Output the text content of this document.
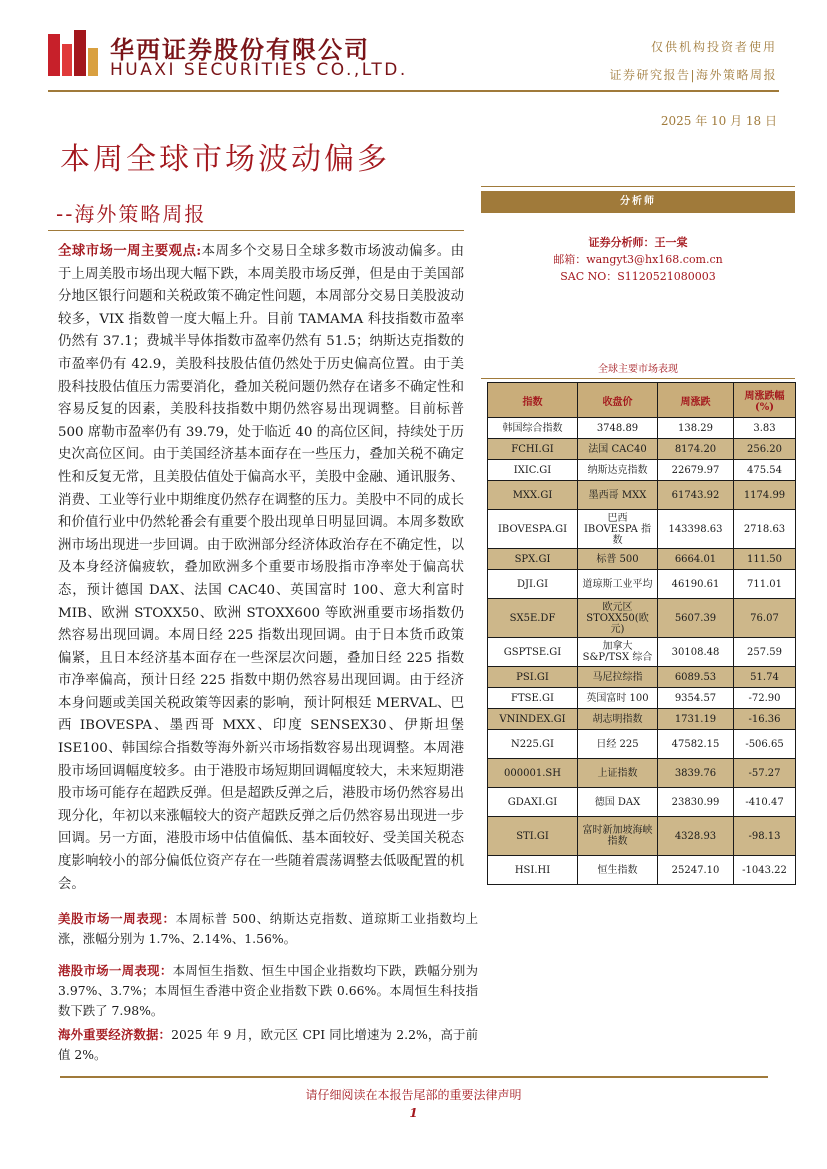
华西证券股份有限公司
HUAXI SECURITIES CO.,LTD.
仅供机构投资者使用
证券研究报告|海外策略周报
2025 年 10 月 18 日
本周全球市场波动偏多
--海外策略周报
分析师
证券分析师：王一棠
邮箱：wangyt3@hx168.com.cn
SAC NO：S1120521080003
全球主要市场表现
指数	收盘价	周涨跌	周涨跌幅(%)
韩国综合指数	3748.89	138.29	3.83
FCHI.GI	法国 CAC40	8174.20	256.20
IXIC.GI	纳斯达克指数	22679.97	475.54
MXX.GI	墨西哥 MXX	61743.92	1174.99
IBOVESPA.GI	巴西 IBOVESPA 指数	143398.63	2718.63
SPX.GI	标普 500	6664.01	111.50
DJI.GI	道琼斯工业平均	46190.61	711.01
SX5E.DF	欧元区 STOXX50(欧元)	5607.39	76.07
GSPTSE.GI	加拿大 S&P/TSX 综合	30108.48	257.59
PSI.GI	马尼拉综指	6089.53	51.74
FTSE.GI	英国富时 100	9354.57	-72.90
VNINDEX.GI	胡志明指数	1731.19	-16.36
N225.GI	日经 225	47582.15	-506.65
000001.SH	上证指数	3839.76	-57.27
GDAXI.GI	德国 DAX	23830.99	-410.47
STI.GI	富时新加坡海峡指数	4328.93	-98.13
HSI.HI	恒生指数	25247.10	-1043.22
全球市场一周主要观点:本周多个交易日全球多数市场波动偏多。由于上周美股市场出现大幅下跌，本周美股市场反弹，但是由于美国部分地区银行问题和关税政策不确定性问题，本周部分交易日美股波动较多，VIX 指数曾一度大幅上升。目前 TAMAMA 科技指数市盈率仍然有 37.1；费城半导体指数市盈率仍然有 51.5；纳斯达克指数的市盈率仍有 42.9，美股科技股估值仍然处于历史偏高位置。由于美股科技股估值压力需要消化，叠加关税问题仍然存在诸多不确定性和容易反复的因素，美股科技指数中期仍然容易出现调整。目前标普 500 席勒市盈率仍有 39.79，处于临近 40 的高位区间，持续处于历史次高位区间。由于美国经济基本面存在一些压力，叠加关税不确定性和反复无常，且美股估值处于偏高水平，美股中金融、通讯服务、消费、工业等行业中期维度仍然存在调整的压力。美股中不同的成长和价值行业中仍然轮番会有重要个股出现单日明显回调。本周多数欧洲市场出现进一步回调。由于欧洲部分经济体政治存在不确定性，以及本身经济偏疲软，叠加欧洲多个重要市场股指市净率处于偏高状态，预计德国 DAX、法国 CAC40、英国富时 100、意大利富时 MIB、欧洲 STOXX50、欧洲 STOXX600 等欧洲重要市场指数仍然容易出现回调。本周日经 225 指数出现回调。由于日本货币政策偏紧，且日本经济基本面存在一些深层次问题，叠加日经 225 指数市净率偏高，预计日经 225 指数中期仍然容易出现回调。由于经济本身问题或美国关税政策等因素的影响，预计阿根廷 MERVAL、巴西 IBOVESPA、墨西哥 MXX、印度 SENSEX30、伊斯坦堡 ISE100、韩国综合指数等海外新兴市场指数容易出现调整。本周港股市场回调幅度较多。由于港股市场短期回调幅度较大，未来短期港股市场可能存在超跌反弹。但是超跌反弹之后，港股市场仍然容易出现分化，年初以来涨幅较大的资产超跌反弹之后仍然容易出现进一步回调。另一方面，港股市场中估值偏低、基本面较好、受美国关税态度影响较小的部分偏低位资产存在一些随着震荡调整去低吸配置的机会。
美股市场一周表现：本周标普 500、纳斯达克指数、道琼斯工业指数均上涨，涨幅分别为 1.7%、2.14%、1.56%。
港股市场一周表现：本周恒生指数、恒生中国企业指数均下跌，跌幅分别为 3.97%、3.7%；本周恒生香港中资企业指数下跌 0.66%。本周恒生科技指数下跌了 7.98%。
海外重要经济数据：2025 年 9 月，欧元区 CPI 同比增速为 2.2%，高于前值 2%。
请仔细阅读在本报告尾部的重要法律声明
1
